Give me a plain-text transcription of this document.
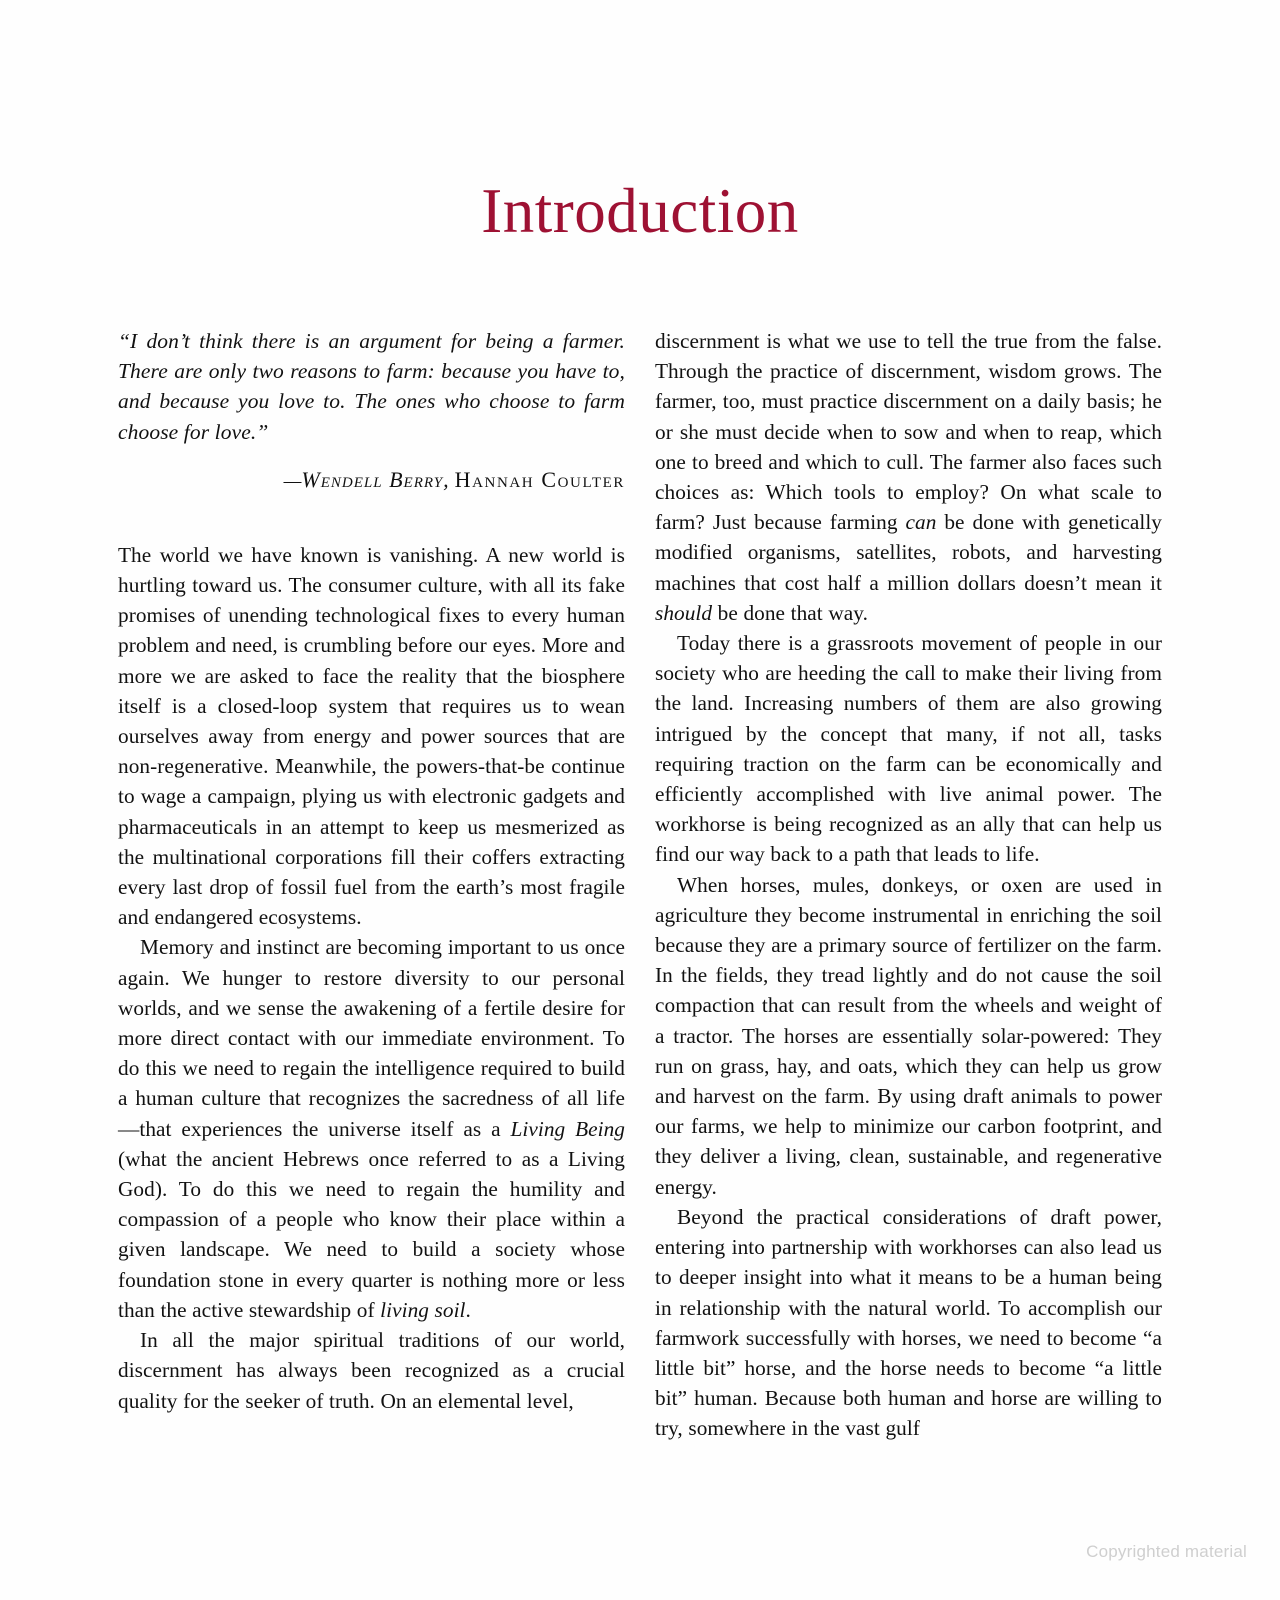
Introduction

“I don’t think there is an argument for being a farmer. There are only two reasons to farm: because you have to, and because you love to. The ones who choose to farm choose for love.”

—Wendell Berry, Hannah Coulter

The world we have known is vanishing. A new world is hurtling toward us. The consumer culture, with all its fake promises of unending technological fixes to every human problem and need, is crumbling before our eyes. More and more we are asked to face the reality that the biosphere itself is a closed-loop system that requires us to wean ourselves away from energy and power sources that are non-regenerative. Meanwhile, the powers-that-be continue to wage a campaign, plying us with electronic gadgets and pharmaceuticals in an attempt to keep us mesmerized as the multinational corporations fill their coffers extracting every last drop of fossil fuel from the earth’s most fragile and endangered ecosystems.

Memory and instinct are becoming important to us once again. We hunger to restore diversity to our personal worlds, and we sense the awakening of a fertile desire for more direct contact with our immediate environment. To do this we need to regain the intelligence required to build a human culture that recognizes the sacredness of all life—that experiences the universe itself as a Living Being (what the ancient Hebrews once referred to as a Living God). To do this we need to regain the humility and compassion of a people who know their place within a given landscape. We need to build a society whose foundation stone in every quarter is nothing more or less than the active stewardship of living soil.

In all the major spiritual traditions of our world, discernment has always been recognized as a crucial quality for the seeker of truth. On an elemental level,

discernment is what we use to tell the true from the false. Through the practice of discernment, wisdom grows. The farmer, too, must practice discernment on a daily basis; he or she must decide when to sow and when to reap, which one to breed and which to cull. The farmer also faces such choices as: Which tools to employ? On what scale to farm? Just because farming can be done with genetically modified organisms, satellites, robots, and harvesting machines that cost half a million dollars doesn’t mean it should be done that way.

Today there is a grassroots movement of people in our society who are heeding the call to make their living from the land. Increasing numbers of them are also growing intrigued by the concept that many, if not all, tasks requiring traction on the farm can be economically and efficiently accomplished with live animal power. The workhorse is being recognized as an ally that can help us find our way back to a path that leads to life.

When horses, mules, donkeys, or oxen are used in agriculture they become instrumental in enriching the soil because they are a primary source of fertilizer on the farm. In the fields, they tread lightly and do not cause the soil compaction that can result from the wheels and weight of a tractor. The horses are essentially solar-powered: They run on grass, hay, and oats, which they can help us grow and harvest on the farm. By using draft animals to power our farms, we help to minimize our carbon footprint, and they deliver a living, clean, sustainable, and regenerative energy.

Beyond the practical considerations of draft power, entering into partnership with workhorses can also lead us to deeper insight into what it means to be a human being in relationship with the natural world. To accomplish our farmwork successfully with horses, we need to become “a little bit” horse, and the horse needs to become “a little bit” human. Because both human and horse are willing to try, somewhere in the vast gulf

Copyrighted material
